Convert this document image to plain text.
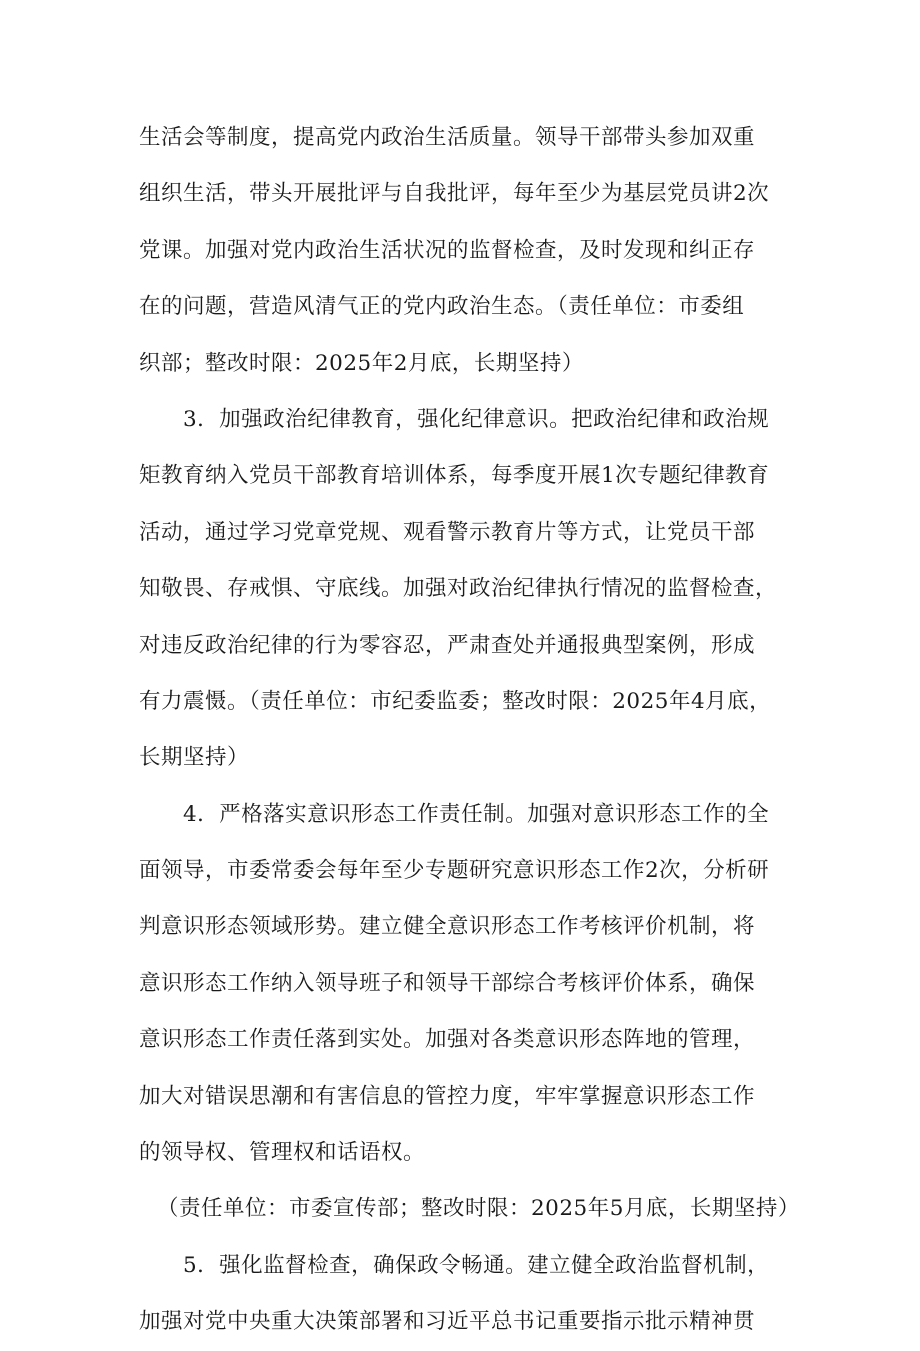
生活会等制度，提高党内政治生活质量。领导干部带头参加双重
组织生活，带头开展批评与自我批评，每年至少为基层党员讲2次
党课。加强对党内政治生活状况的监督检查，及时发现和纠正存
在的问题，营造风清气正的党内政治生态。（责任单位：市委组
织部；整改时限：2025年2月底，长期坚持）
3．加强政治纪律教育，强化纪律意识。把政治纪律和政治规
矩教育纳入党员干部教育培训体系，每季度开展1次专题纪律教育
活动，通过学习党章党规、观看警示教育片等方式，让党员干部
知敬畏、存戒惧、守底线。加强对政治纪律执行情况的监督检查，
对违反政治纪律的行为零容忍，严肃查处并通报典型案例，形成
有力震慑。（责任单位：市纪委监委；整改时限：2025年4月底，
长期坚持）
4．严格落实意识形态工作责任制。加强对意识形态工作的全
面领导，市委常委会每年至少专题研究意识形态工作2次，分析研
判意识形态领域形势。建立健全意识形态工作考核评价机制，将
意识形态工作纳入领导班子和领导干部综合考核评价体系，确保
意识形态工作责任落到实处。加强对各类意识形态阵地的管理，
加大对错误思潮和有害信息的管控力度，牢牢掌握意识形态工作
的领导权、管理权和话语权。
（责任单位：市委宣传部；整改时限：2025年5月底，长期坚持）
5．强化监督检查，确保政令畅通。建立健全政治监督机制，
加强对党中央重大决策部署和习近平总书记重要指示批示精神贯
